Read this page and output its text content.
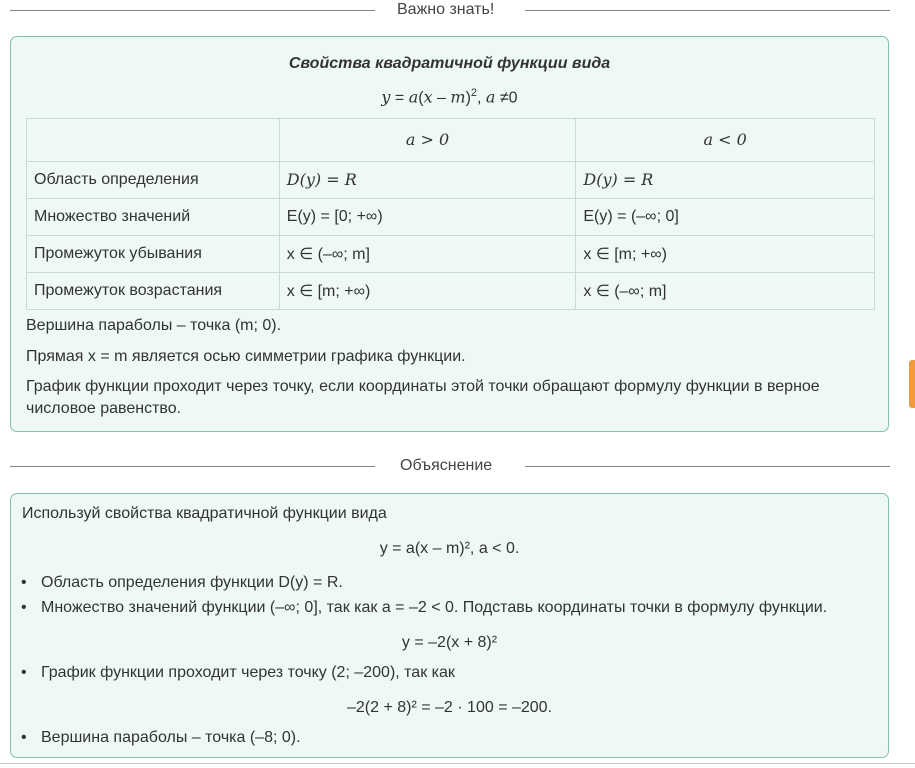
Важно знать!
Свойства квадратичной функции вида
y = a(x – m)$^2$, a ≠0
	a > 0	a < 0
Область определения	D(y) = R	D(y) = R
Множество значений	E(y) = [0; +∞)	E(y) = (–∞; 0]
Промежуток убывания	x ∈ (–∞; m]	x ∈ [m; +∞)
Промежуток возрастания	x ∈ [m; +∞)	x ∈ (–∞; m]
Вершина параболы – точка (m; 0).
Прямая x = m является осью симметрии графика функции.
График функции проходит через точку, если координаты этой точки обращают формулу функции в верное
числовое равенство.
Объяснение
Используй свойства квадратичной функции вида
y = a(x – m)², a < 0.
• Область определения функции D(y) = R.
• Множество значений функции (–∞; 0], так как a = –2 < 0. Подставь координаты точки в формулу функции.
y = –2(x + 8)²
• График функции проходит через точку (2; –200), так как
–2(2 + 8)² = –2 · 100 = –200.
• Вершина параболы – точка (–8; 0).
